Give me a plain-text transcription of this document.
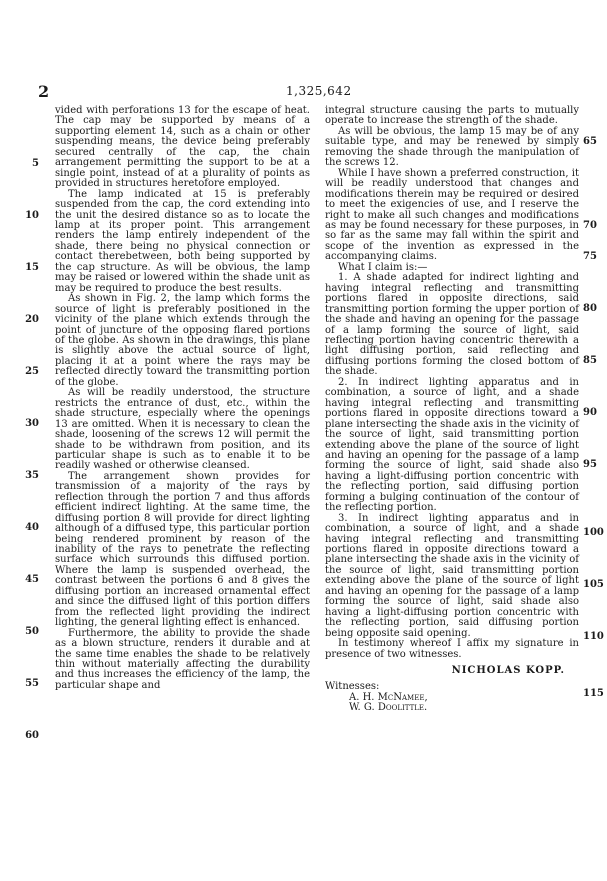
2	1,325,642

vided with perforations 13 for the escape of heat. The cap may be supported by means of a supporting element 14, such as a chain or other suspending means, the device being preferably secured centrally of the cap, the chain arrangement permitting the support to be at a single point, instead of at a plurality of points as provided in structures heretofore employed.

The lamp indicated at 15 is preferably suspended from the cap, the cord extending into the unit the desired distance so as to locate the lamp at its proper point. This arrangement renders the lamp entirely independent of the shade, there being no physical connection or contact therebetween, both being supported by the cap structure. As will be obvious, the lamp may be raised or lowered within the shade unit as may be required to produce the best results.

As shown in Fig. 2, the lamp which forms the source of light is preferably positioned in the vicinity of the plane which extends through the point of juncture of the opposing flared portions of the globe. As shown in the drawings, this plane is slightly above the actual source of light, placing it at a point where the rays may be reflected directly toward the transmitting portion of the globe.

As will be readily understood, the structure restricts the entrance of dust, etc., within the shade structure, especially where the openings 13 are omitted. When it is necessary to clean the shade, loosening of the screws 12 will permit the shade to be withdrawn from position, and its particular shape is such as to enable it to be readily washed or otherwise cleansed.

The arrangement shown provides for transmission of a majority of the rays by reflection through the portion 7 and thus affords efficient indirect lighting. At the same time, the diffusing portion 8 will provide for direct lighting although of a diffused type, this particular portion being rendered prominent by reason of the inability of the rays to penetrate the reflecting surface which surrounds this diffused portion. Where the lamp is suspended overhead, the contrast between the portions 6 and 8 gives the diffusing portion an increased ornamental effect and since the diffused light of this portion differs from the reflected light providing the indirect lighting, the general lighting effect is enhanced.

Furthermore, the ability to provide the shade as a blown structure, renders it durable and at the same time enables the shade to be relatively thin without materially affecting the durability and thus increases the efficiency of the lamp, the particular shape and

5
10
15
20
25
30
35
40
45
50
55
60

integral structure causing the parts to mutually operate to increase the strength of the shade.

As will be obvious, the lamp 15 may be of any suitable type, and may be renewed by simply removing the shade through the manipulation of the screws 12.

While I have shown a preferred construction, it will be readily understood that changes and modifications therein may be required or desired to meet the exigencies of use, and I reserve the right to make all such changes and modifications as may be found necessary for these purposes, in so far as the same may fall within the spirit and scope of the invention as expressed in the accompanying claims.

What I claim is:—

1. A shade adapted for indirect lighting and having integral reflecting and transmitting portions flared in opposite directions, said transmitting portion forming the upper portion of the shade and having an opening for the passage of a lamp forming the source of light, said reflecting portion having concentric therewith a light diffusing portion, said reflecting and diffusing portions forming the closed bottom of the shade.

2. In indirect lighting apparatus and in combination, a source of light, and a shade having integral reflecting and transmitting portions flared in opposite directions toward a plane intersecting the shade axis in the vicinity of the source of light, said transmitting portion extending above the plane of the source of light and having an opening for the passage of a lamp forming the source of light, said shade also having a light-diffusing portion concentric with the reflecting portion, said diffusing portion forming a bulging continuation of the contour of the reflecting portion.

3. In indirect lighting apparatus and in combination, a source of light, and a shade having integral reflecting and transmitting portions flared in opposite directions toward a plane intersecting the shade axis in the vicinity of the source of light, said transmitting portion extending above the plane of the source of light and having an opening for the passage of a lamp forming the source of light, said shade also having a light-diffusing portion concentric with the reflecting portion, said diffusing portion being opposite said opening.

In testimony whereof I affix my signature in presence of two witnesses.

NICHOLAS KOPP.

Witnesses:

A. H. McNamee,

W. G. Doolittle.

65
70
75
80
85
90
95
100
105
110
115
